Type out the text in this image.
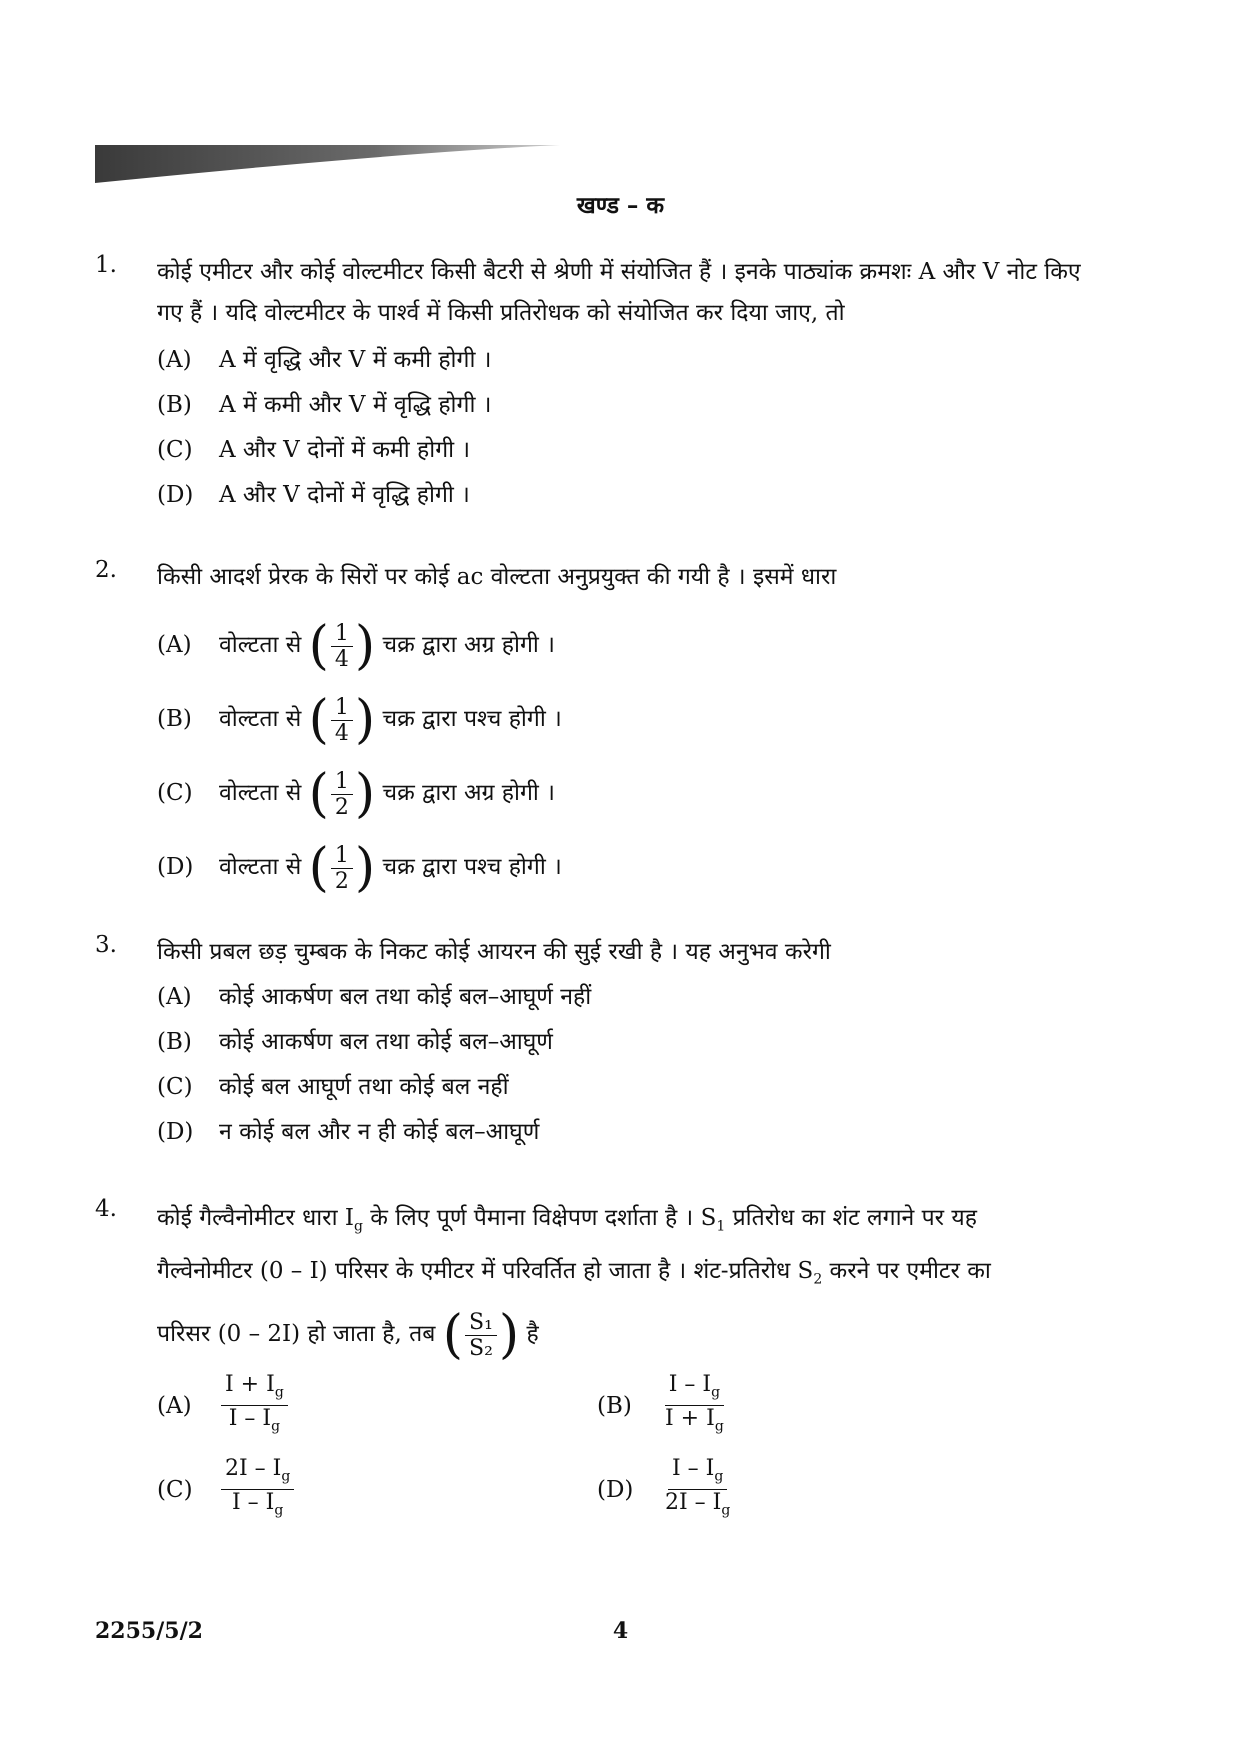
खण्ड – क
1. कोई एमीटर और कोई वोल्टमीटर किसी बैटरी से श्रेणी में संयोजित हैं । इनके पाठ्यांक क्रमशः A और V नोट किए गए हैं । यदि वोल्टमीटर के पार्श्व में किसी प्रतिरोधक को संयोजित कर दिया जाए, तो
(A) A में वृद्धि और V में कमी होगी ।
(B) A में कमी और V में वृद्धि होगी ।
(C) A और V दोनों में कमी होगी ।
(D) A और V दोनों में वृद्धि होगी ।
2. किसी आदर्श प्रेरक के सिरों पर कोई ac वोल्टता अनुप्रयुक्त की गयी है । इसमें धारा
(A) वोल्टता से ( $\frac{1}{4}$ ) चक्र द्वारा अग्र होगी ।
(B) वोल्टता से ( $\frac{1}{4}$ ) चक्र द्वारा पश्च होगी ।
(C) वोल्टता से ( $\frac{1}{2}$ ) चक्र द्वारा अग्र होगी ।
(D) वोल्टता से ( $\frac{1}{2}$ ) चक्र द्वारा पश्च होगी ।
3. किसी प्रबल छड़ चुम्बक के निकट कोई आयरन की सुई रखी है । यह अनुभव करेगी
(A) कोई आकर्षण बल तथा कोई बल–आघूर्ण नहीं
(B) कोई आकर्षण बल तथा कोई बल–आघूर्ण
(C) कोई बल आघूर्ण तथा कोई बल नहीं
(D) न कोई बल और न ही कोई बल–आघूर्ण
4. कोई गैल्वैनोमीटर धारा $I_g$ के लिए पूर्ण पैमाना विक्षेपण दर्शाता है । $S_1$ प्रतिरोध का शंट लगाने पर यह
गैल्वेनोमीटर (0 – I) परिसर के एमीटर में परिवर्तित हो जाता है । शंट-प्रतिरोध $S_2$ करने पर एमीटर का
परिसर (0 – 2I) हो जाता है, तब ( $\frac{\text{S₁}}{\text{S₂}}$ ) है
(A)	$\frac{I + I_g}{I - I_g}$	(B)	$\frac{I - I_g}{I + I_g}$
(C)	$\frac{2I - I_g}{I - I_g}$	(D)	$\frac{I - I_g}{2I - I_g}$
2255/5/2	4
